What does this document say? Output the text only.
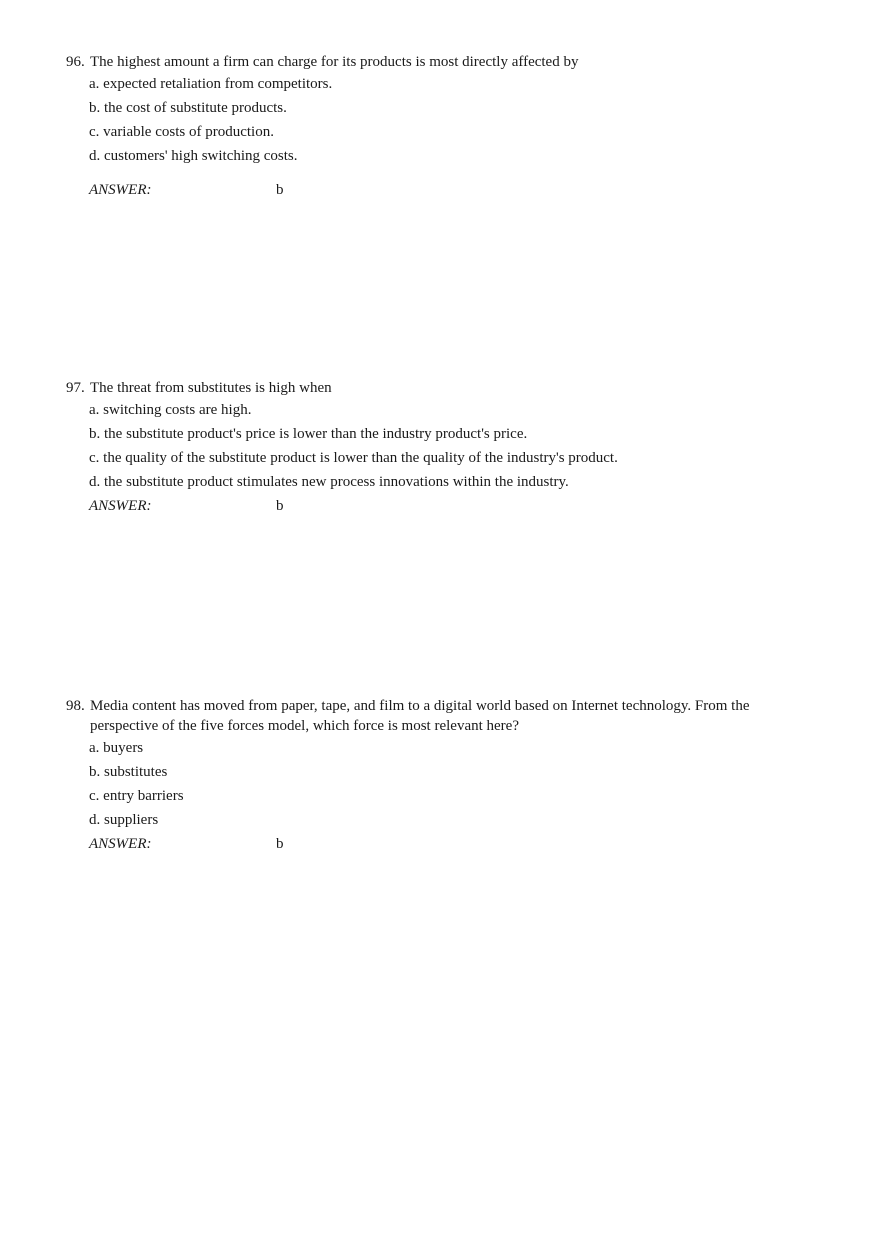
96. The highest amount a firm can charge for its products is most directly affected by
a. expected retaliation from competitors.
b. the cost of substitute products.
c. variable costs of production.
d. customers' high switching costs.
ANSWER:	b
97. The threat from substitutes is high when
a. switching costs are high.
b. the substitute product's price is lower than the industry product's price.
c. the quality of the substitute product is lower than the quality of the industry's product.
d. the substitute product stimulates new process innovations within the industry.
ANSWER:	b
98. Media content has moved from paper, tape, and film to a digital world based on Internet technology. From the perspective of the five forces model, which force is most relevant here?
a. buyers
b. substitutes
c. entry barriers
d. suppliers
ANSWER:	b
